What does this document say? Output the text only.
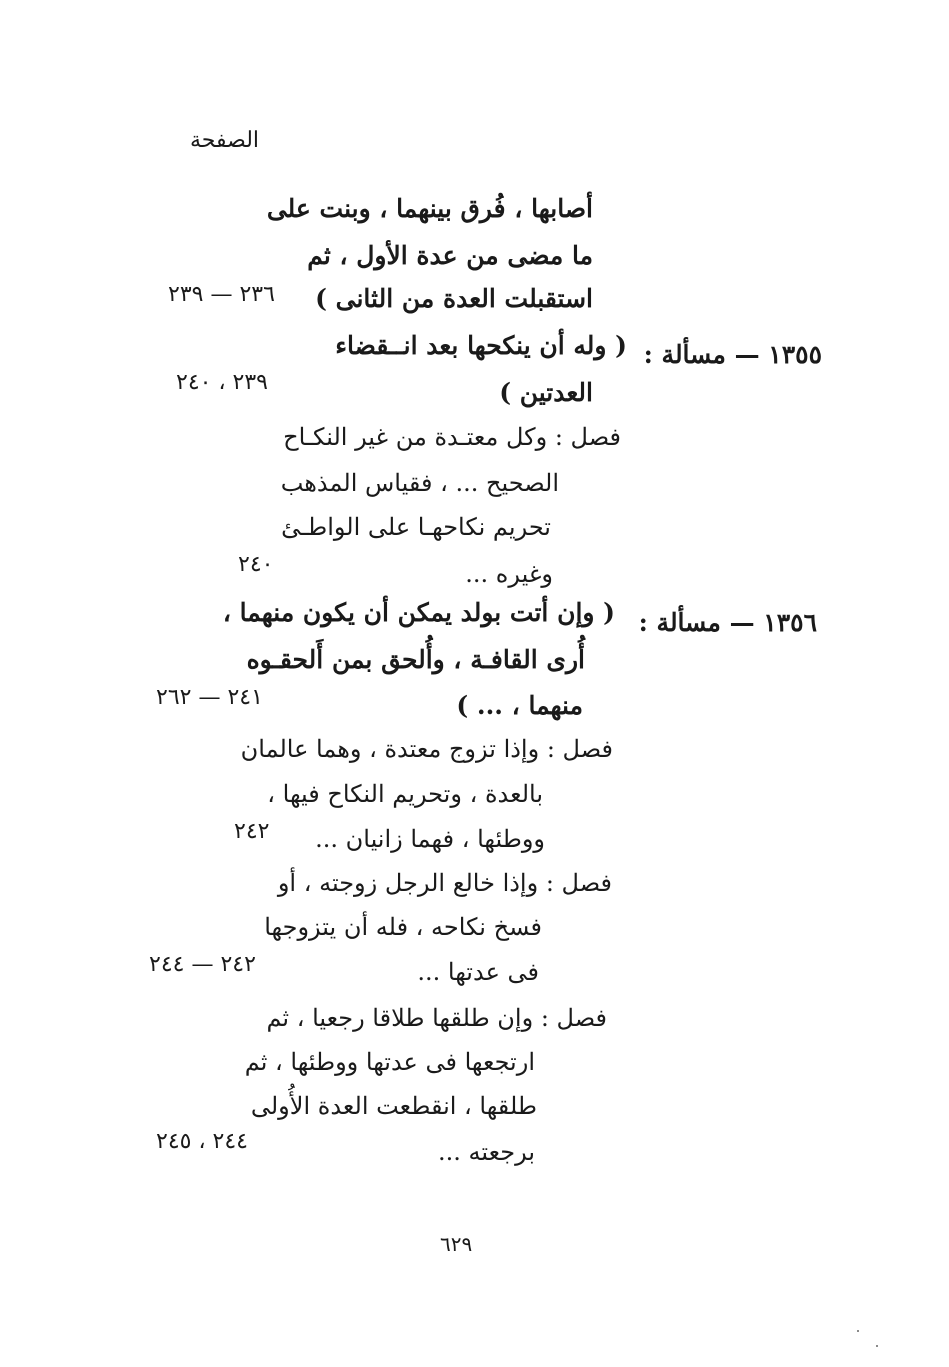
الصفحة
أصابها ، فُرق بينهما ، وبنت على
ما مضى من عدة الأول ، ثم
استقبلت العدة من الثانى )
٢٣٦ — ٢٣٩
١٣٥٥ — مسألة :
( وله أن ينكحها بعد انــقضاء
العدتين )
٢٣٩ ، ٢٤٠
فصل : وكل معتـدة من غير النكـاح
الصحيح ... ، فقياس المذهب
تحريم نكاحهـا على الواطـئ
وغيره ...
٢٤٠
١٣٥٦ — مسألة :
( وإن أتت بولد يمكن أن يكون منهما ،
أُرى القافـة ، وأُلحق بمن أَلحقـوه
منهما ، ... )
٢٤١ — ٢٦٢
فصل : وإذا تزوج معتدة ، وهما عالمان
بالعدة ، وتحريم النكاح فيها ،
ووطئها ، فهما زانيان ...
٢٤٢
فصل : وإذا خالع الرجل زوجته ، أو
فسخ نكاحه ، فله أن يتزوجها
فى عدتها ...
٢٤٢ — ٢٤٤
فصل : وإن طلقها طلاقا رجعيا ، ثم
ارتجعها فى عدتها ووطئها ، ثم
طلقها ، انقطعت العدة الأُولى
برجعته ...
٢٤٤ ، ٢٤٥
٦٢٩
